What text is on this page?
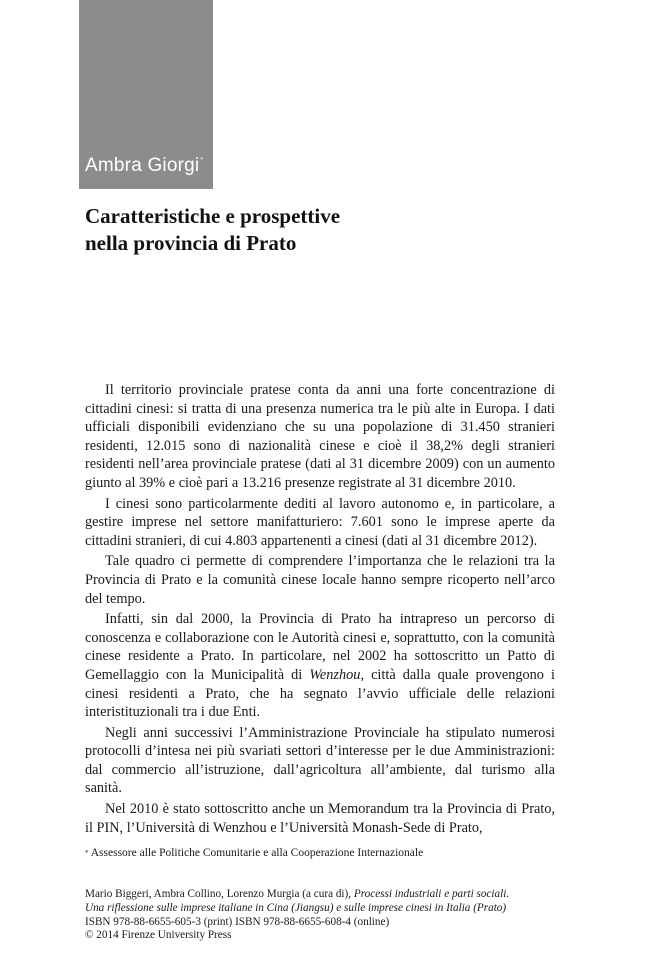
Ambra Giorgi*
Caratteristiche e prospettive
nella provincia di Prato

Il territorio provinciale pratese conta da anni una forte concentrazione di cittadini cinesi: si tratta di una presenza numerica tra le più alte in Europa. I dati ufficiali disponibili evidenziano che su una popolazione di 31.450 stranieri residenti, 12.015 sono di nazionalità cinese e cioè il 38,2% degli stranieri residenti nell’area provinciale pratese (dati al 31 dicembre 2009) con un aumento giunto al 39% e cioè pari a 13.216 presenze registrate al 31 dicembre 2010.

I cinesi sono particolarmente dediti al lavoro autonomo e, in particolare, a gestire imprese nel settore manifatturiero: 7.601 sono le imprese aperte da cittadini stranieri, di cui 4.803 appartenenti a cinesi (dati al 31 dicembre 2012).

Tale quadro ci permette di comprendere l’importanza che le relazioni tra la Provincia di Prato e la comunità cinese locale hanno sempre ricoperto nell’arco del tempo.

Infatti, sin dal 2000, la Provincia di Prato ha intrapreso un percorso di conoscenza e collaborazione con le Autorità cinesi e, soprattutto, con la comunità cinese residente a Prato. In particolare, nel 2002 ha sottoscritto un Patto di Gemellaggio con la Municipalità di Wenzhou, città dalla quale provengono i cinesi residenti a Prato, che ha segnato l’avvio ufficiale delle relazioni interistituzionali tra i due Enti.

Negli anni successivi l’Amministrazione Provinciale ha stipulato numerosi protocolli d’intesa nei più svariati settori d’interesse per le due Amministrazioni: dal commercio all’istruzione, dall’agricoltura all’ambiente, dal turismo alla sanità.

Nel 2010 è stato sottoscritto anche un Memorandum tra la Provincia di Prato, il PIN, l’Università di Wenzhou e l’Università Monash-Sede di Prato,

* Assessore alle Politiche Comunitarie e alla Cooperazione Internazionale
Mario Biggeri, Ambra Collino, Lorenzo Murgia (a cura di), Processi industriali e parti sociali.
Una riflessione sulle imprese italiane in Cina (Jiangsu) e sulle imprese cinesi in Italia (Prato)
ISBN 978-88-6655-605-3 (print) ISBN 978-88-6655-608-4 (online)
© 2014 Firenze University Press
